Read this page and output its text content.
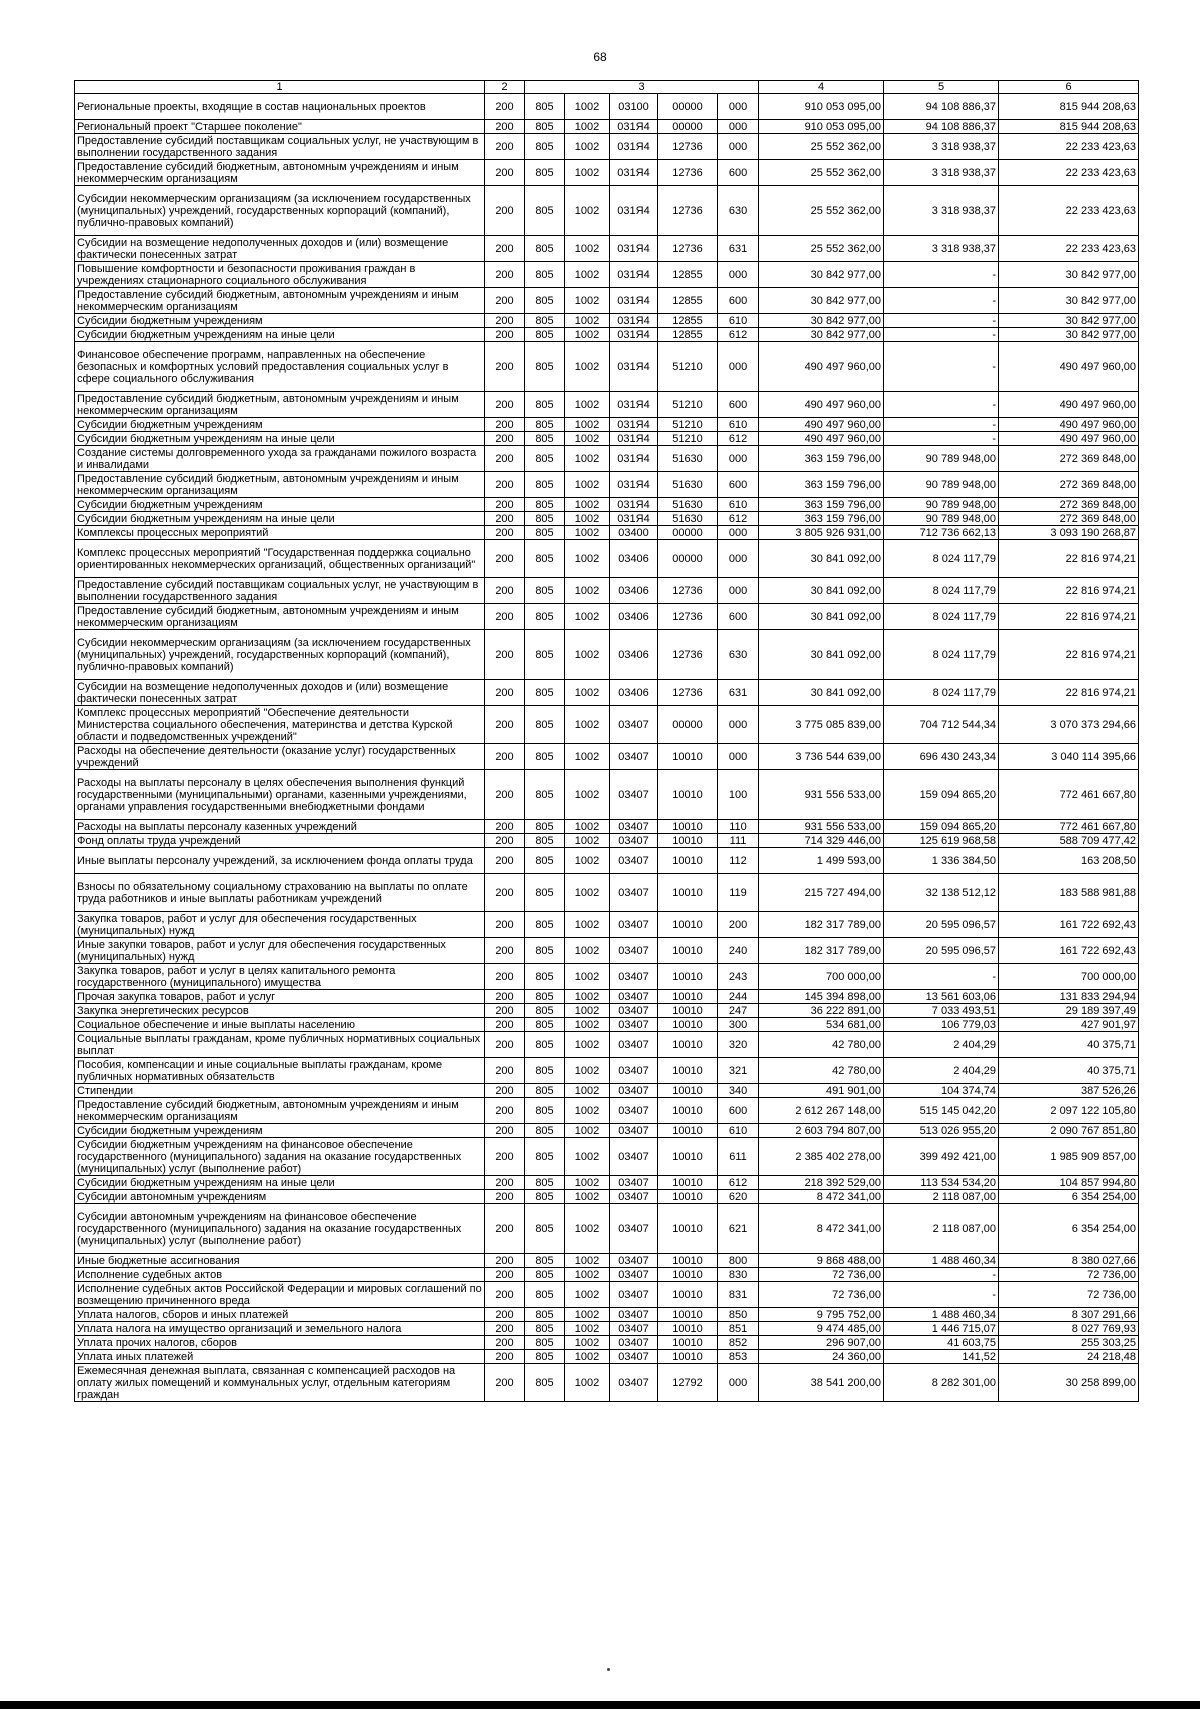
68
1	2	3					4	5	6
Региональные проекты, входящие в состав национальных проектов	200	805	1002	03100	00000	000	910 053 095,00	94 108 886,37	815 944 208,63
Региональный проект "Старшее поколение"	200	805	1002	031Я4	00000	000	910 053 095,00	94 108 886,37	815 944 208,63
Предоставление субсидий поставщикам социальных услуг, не участвующим в выполнении государственного задания	200	805	1002	031Я4	12736	000	25 552 362,00	3 318 938,37	22 233 423,63
Предоставление субсидий бюджетным, автономным учреждениям и иным некоммерческим организациям	200	805	1002	031Я4	12736	600	25 552 362,00	3 318 938,37	22 233 423,63
Субсидии некоммерческим организациям (за исключением государственных (муниципальных) учреждений, государственных корпораций (компаний), публично-правовых компаний)	200	805	1002	031Я4	12736	630	25 552 362,00	3 318 938,37	22 233 423,63
Субсидии на возмещение недополученных доходов и (или) возмещение фактически понесенных затрат	200	805	1002	031Я4	12736	631	25 552 362,00	3 318 938,37	22 233 423,63
Повышение комфортности и безопасности проживания граждан в учреждениях стационарного социального обслуживания	200	805	1002	031Я4	12855	000	30 842 977,00	-	30 842 977,00
Предоставление субсидий бюджетным, автономным учреждениям и иным некоммерческим организациям	200	805	1002	031Я4	12855	600	30 842 977,00	-	30 842 977,00
Субсидии бюджетным учреждениям	200	805	1002	031Я4	12855	610	30 842 977,00	-	30 842 977,00
Субсидии бюджетным учреждениям на иные цели	200	805	1002	031Я4	12855	612	30 842 977,00	-	30 842 977,00
Финансовое обеспечение программ, направленных на обеспечение безопасных и комфортных условий предоставления социальных услуг в сфере социального обслуживания	200	805	1002	031Я4	51210	000	490 497 960,00	-	490 497 960,00
Предоставление субсидий бюджетным, автономным учреждениям и иным некоммерческим организациям	200	805	1002	031Я4	51210	600	490 497 960,00	-	490 497 960,00
Субсидии бюджетным учреждениям	200	805	1002	031Я4	51210	610	490 497 960,00	-	490 497 960,00
Субсидии бюджетным учреждениям на иные цели	200	805	1002	031Я4	51210	612	490 497 960,00	-	490 497 960,00
Создание системы долговременного ухода за гражданами пожилого возраста и инвалидами	200	805	1002	031Я4	51630	000	363 159 796,00	90 789 948,00	272 369 848,00
Предоставление субсидий бюджетным, автономным учреждениям и иным некоммерческим организациям	200	805	1002	031Я4	51630	600	363 159 796,00	90 789 948,00	272 369 848,00
Субсидии бюджетным учреждениям	200	805	1002	031Я4	51630	610	363 159 796,00	90 789 948,00	272 369 848,00
Субсидии бюджетным учреждениям на иные цели	200	805	1002	031Я4	51630	612	363 159 796,00	90 789 948,00	272 369 848,00
Комплексы процессных мероприятий	200	805	1002	03400	00000	000	3 805 926 931,00	712 736 662,13	3 093 190 268,87
Комплекс процессных мероприятий "Государственная поддержка социально ориентированных некоммерческих организаций, общественных организаций"	200	805	1002	03406	00000	000	30 841 092,00	8 024 117,79	22 816 974,21
Предоставление субсидий поставщикам социальных услуг, не участвующим в выполнении государственного задания	200	805	1002	03406	12736	000	30 841 092,00	8 024 117,79	22 816 974,21
Предоставление субсидий бюджетным, автономным учреждениям и иным некоммерческим организациям	200	805	1002	03406	12736	600	30 841 092,00	8 024 117,79	22 816 974,21
Субсидии некоммерческим организациям (за исключением государственных (муниципальных) учреждений, государственных корпораций (компаний), публично-правовых компаний)	200	805	1002	03406	12736	630	30 841 092,00	8 024 117,79	22 816 974,21
Субсидии на возмещение недополученных доходов и (или) возмещение фактически понесенных затрат	200	805	1002	03406	12736	631	30 841 092,00	8 024 117,79	22 816 974,21
Комплекс процессных мероприятий "Обеспечение деятельности Министерства социального обеспечения, материнства и детства Курской области и подведомственных учреждений"	200	805	1002	03407	00000	000	3 775 085 839,00	704 712 544,34	3 070 373 294,66
Расходы на обеспечение деятельности (оказание услуг) государственных учреждений	200	805	1002	03407	10010	000	3 736 544 639,00	696 430 243,34	3 040 114 395,66
Расходы на выплаты персоналу в целях обеспечения выполнения функций государственными (муниципальными) органами, казенными учреждениями, органами управления государственными внебюджетными фондами	200	805	1002	03407	10010	100	931 556 533,00	159 094 865,20	772 461 667,80
Расходы на выплаты персоналу казенных учреждений	200	805	1002	03407	10010	110	931 556 533,00	159 094 865,20	772 461 667,80
Фонд оплаты труда учреждений	200	805	1002	03407	10010	111	714 329 446,00	125 619 968,58	588 709 477,42
Иные выплаты персоналу учреждений, за исключением фонда оплаты труда	200	805	1002	03407	10010	112	1 499 593,00	1 336 384,50	163 208,50
Взносы по обязательному социальному страхованию на выплаты по оплате труда работников и иные выплаты работникам учреждений	200	805	1002	03407	10010	119	215 727 494,00	32 138 512,12	183 588 981,88
Закупка товаров, работ и услуг для обеспечения государственных (муниципальных) нужд	200	805	1002	03407	10010	200	182 317 789,00	20 595 096,57	161 722 692,43
Иные закупки товаров, работ и услуг для обеспечения государственных (муниципальных) нужд	200	805	1002	03407	10010	240	182 317 789,00	20 595 096,57	161 722 692,43
Закупка товаров, работ и услуг в целях капитального ремонта государственного (муниципального) имущества	200	805	1002	03407	10010	243	700 000,00	-	700 000,00
Прочая закупка товаров, работ и услуг	200	805	1002	03407	10010	244	145 394 898,00	13 561 603,06	131 833 294,94
Закупка энергетических ресурсов	200	805	1002	03407	10010	247	36 222 891,00	7 033 493,51	29 189 397,49
Социальное обеспечение и иные выплаты населению	200	805	1002	03407	10010	300	534 681,00	106 779,03	427 901,97
Социальные выплаты гражданам, кроме публичных нормативных социальных выплат	200	805	1002	03407	10010	320	42 780,00	2 404,29	40 375,71
Пособия, компенсации и иные социальные выплаты гражданам, кроме публичных нормативных обязательств	200	805	1002	03407	10010	321	42 780,00	2 404,29	40 375,71
Стипендии	200	805	1002	03407	10010	340	491 901,00	104 374,74	387 526,26
Предоставление субсидий бюджетным, автономным учреждениям и иным некоммерческим организациям	200	805	1002	03407	10010	600	2 612 267 148,00	515 145 042,20	2 097 122 105,80
Субсидии бюджетным учреждениям	200	805	1002	03407	10010	610	2 603 794 807,00	513 026 955,20	2 090 767 851,80
Субсидии бюджетным учреждениям на финансовое обеспечение государственного (муниципального) задания на оказание государственных (муниципальных) услуг (выполнение работ)	200	805	1002	03407	10010	611	2 385 402 278,00	399 492 421,00	1 985 909 857,00
Субсидии бюджетным учреждениям на иные цели	200	805	1002	03407	10010	612	218 392 529,00	113 534 534,20	104 857 994,80
Субсидии автономным учреждениям	200	805	1002	03407	10010	620	8 472 341,00	2 118 087,00	6 354 254,00
Субсидии автономным учреждениям на финансовое обеспечение государственного (муниципального) задания на оказание государственных (муниципальных) услуг (выполнение работ)	200	805	1002	03407	10010	621	8 472 341,00	2 118 087,00	6 354 254,00
Иные бюджетные ассигнования	200	805	1002	03407	10010	800	9 868 488,00	1 488 460,34	8 380 027,66
Исполнение судебных актов	200	805	1002	03407	10010	830	72 736,00	-	72 736,00
Исполнение судебных актов Российской Федерации и мировых соглашений по возмещению причиненного вреда	200	805	1002	03407	10010	831	72 736,00	-	72 736,00
Уплата налогов, сборов и иных платежей	200	805	1002	03407	10010	850	9 795 752,00	1 488 460,34	8 307 291,66
Уплата налога на имущество организаций и земельного налога	200	805	1002	03407	10010	851	9 474 485,00	1 446 715,07	8 027 769,93
Уплата прочих налогов, сборов	200	805	1002	03407	10010	852	296 907,00	41 603,75	255 303,25
Уплата иных платежей	200	805	1002	03407	10010	853	24 360,00	141,52	24 218,48
Ежемесячная денежная выплата, связанная с компенсацией расходов на оплату жилых помещений и коммунальных услуг, отдельным категориям граждан	200	805	1002	03407	12792	000	38 541 200,00	8 282 301,00	30 258 899,00
